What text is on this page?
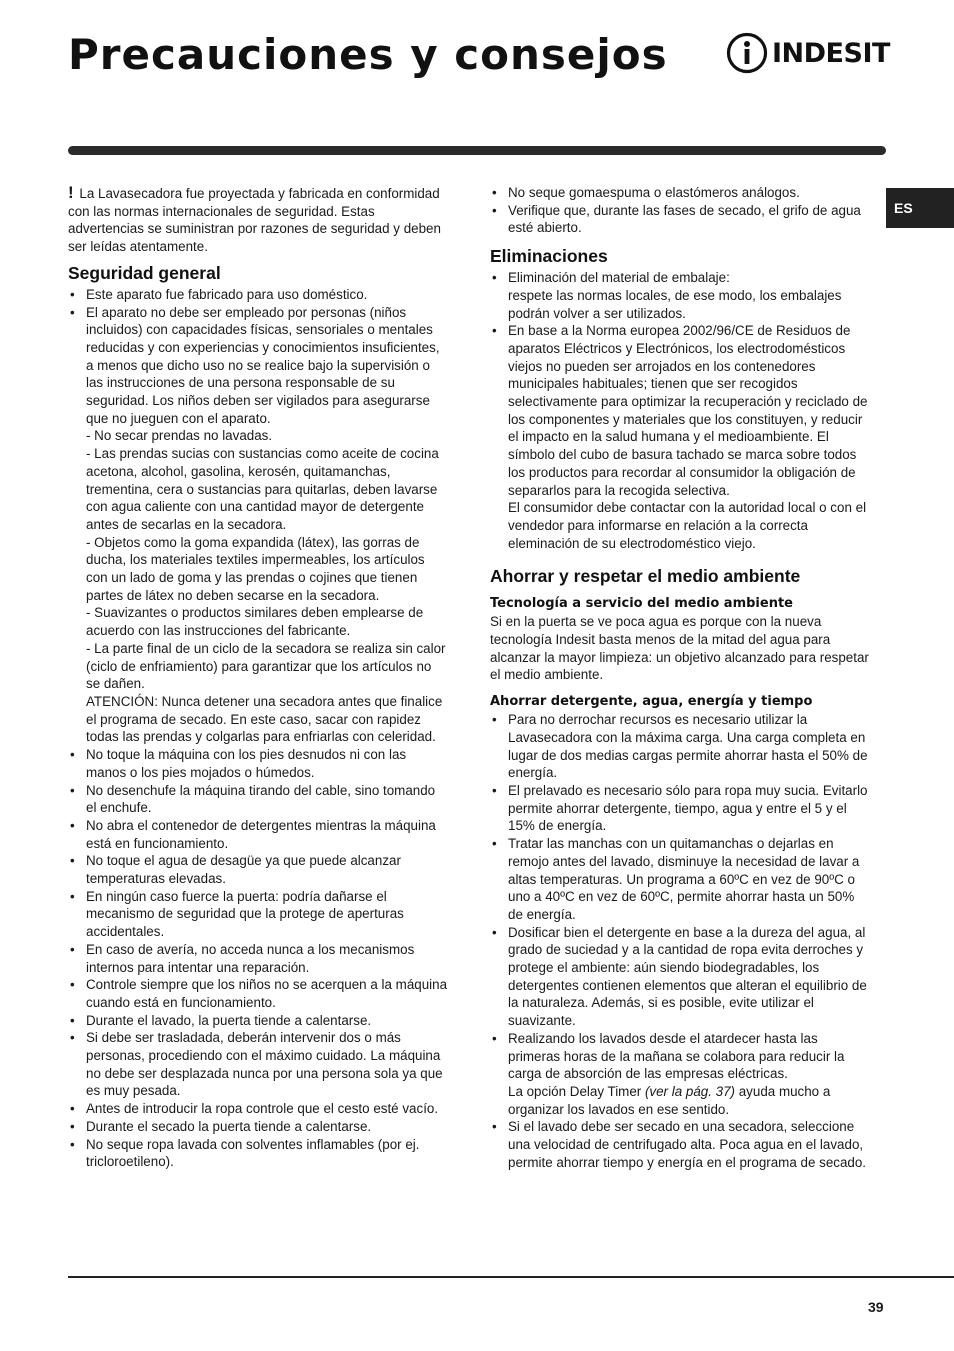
Precauciones y consejos	INDESIT
ES

! La Lavasecadora fue proyectada y fabricada en conformidad con las normas internacionales de seguridad. Estas advertencias se suministran por razones de seguridad y deben ser leídas atentamente.

Seguridad general
• Este aparato fue fabricado para uso doméstico.
• El aparato no debe ser empleado por personas (niños incluidos) con capacidades físicas, sensoriales o mentales reducidas y con experiencias y conocimientos insuficientes, a menos que dicho uso no se realice bajo la supervisión o las instrucciones de una persona responsable de su seguridad. Los niños deben ser vigilados para asegurarse que no jueguen con el aparato.
- No secar prendas no lavadas.
- Las prendas sucias con sustancias como aceite de cocina acetona, alcohol, gasolina, kerosén, quitamanchas, trementina, cera o sustancias para quitarlas, deben lavarse con agua caliente con una cantidad mayor de detergente antes de secarlas en la secadora.
- Objetos como la goma expandida (látex), las gorras de ducha, los materiales textiles impermeables, los artículos con un lado de goma y las prendas o cojines que tienen partes de látex no deben secarse en la secadora.
- Suavizantes o productos similares deben emplearse de acuerdo con las instrucciones del fabricante.
- La parte final de un ciclo de la secadora se realiza sin calor (ciclo de enfriamiento) para garantizar que los artículos no se dañen.
ATENCIÓN: Nunca detener una secadora antes que finalice el programa de secado. En este caso, sacar con rapidez todas las prendas y colgarlas para enfriarlas con celeridad.
• No toque la máquina con los pies desnudos ni con las manos o los pies mojados o húmedos.
• No desenchufe la máquina tirando del cable, sino tomando el enchufe.
• No abra el contenedor de detergentes mientras la máquina está en funcionamiento.
• No toque el agua de desagüe ya que puede alcanzar temperaturas elevadas.
• En ningún caso fuerce la puerta: podría dañarse el mecanismo de seguridad que la protege de aperturas accidentales.
• En caso de avería, no acceda nunca a los mecanismos internos para intentar una reparación.
• Controle siempre que los niños no se acerquen a la máquina cuando está en funcionamiento.
• Durante el lavado, la puerta tiende a calentarse.
• Si debe ser trasladada, deberán intervenir dos o más personas, procediendo con el máximo cuidado. La máquina no debe ser desplazada nunca por una persona sola ya que es muy pesada.
• Antes de introducir la ropa controle que el cesto esté vacío.
• Durante el secado la puerta tiende a calentarse.
• No seque ropa lavada con solventes inflamables (por ej. tricloroetileno).
• No seque gomaespuma o elastómeros análogos.
• Verifique que, durante las fases de secado, el grifo de agua esté abierto.
Eliminaciones
• Eliminación del material de embalaje:
respete las normas locales, de ese modo, los embalajes podrán volver a ser utilizados.
• En base a la Norma europea 2002/96/CE de Residuos de aparatos Eléctricos y Electrónicos, los electrodomésticos viejos no pueden ser arrojados en los contenedores municipales habituales; tienen que ser recogidos selectivamente para optimizar la recuperación y reciclado de los componentes y materiales que los constituyen, y reducir el impacto en la salud humana y el medioambiente. El símbolo del cubo de basura tachado se marca sobre todos los productos para recordar al consumidor la obligación de separarlos para la recogida selectiva.
El consumidor debe contactar con la autoridad local o con el vendedor para informarse en relación a la correcta eleminación de su electrodoméstico viejo.
Ahorrar y respetar el medio ambiente
Tecnología a servicio del medio ambiente

Si en la puerta se ve poca agua es porque con la nueva tecnología Indesit basta menos de la mitad del agua para alcanzar la mayor limpieza: un objetivo alcanzado para respetar el medio ambiente.

Ahorrar detergente, agua, energía y tiempo
• Para no derrochar recursos es necesario utilizar la Lavasecadora con la máxima carga. Una carga completa en lugar de dos medias cargas permite ahorrar hasta el 50% de energía.
• El prelavado es necesario sólo para ropa muy sucia. Evitarlo permite ahorrar detergente, tiempo, agua y entre el 5 y el 15% de energía.
• Tratar las manchas con un quitamanchas o dejarlas en remojo antes del lavado, disminuye la necesidad de lavar a altas temperaturas. Un programa a 60ºC en vez de 90ºC o uno a 40ºC en vez de 60ºC, permite ahorrar hasta un 50% de energía.
• Dosificar bien el detergente en base a la dureza del agua, al grado de suciedad y a la cantidad de ropa evita derroches y protege el ambiente: aún siendo biodegradables, los detergentes contienen elementos que alteran el equilibrio de la naturaleza. Además, si es posible, evite utilizar el suavizante.
• Realizando los lavados desde el atardecer hasta las primeras horas de la mañana se colabora para reducir la carga de absorción de las empresas eléctricas.
La opción Delay Timer (ver la pág. 37) ayuda mucho a organizar los lavados en ese sentido.
• Si el lavado debe ser secado en una secadora, seleccione una velocidad de centrifugado alta. Poca agua en el lavado, permite ahorrar tiempo y energía en el programa de secado.
39
